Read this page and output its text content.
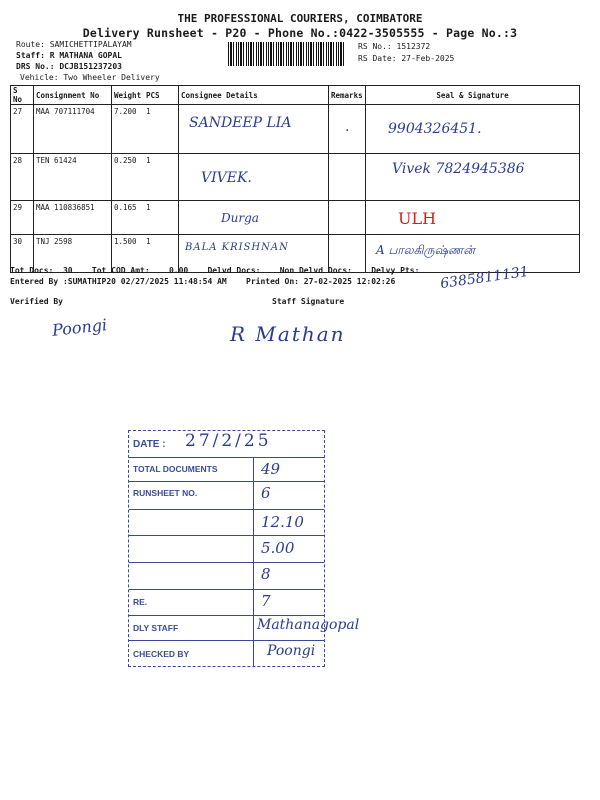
THE PROFESSIONAL COURIERS, COIMBATORE
Delivery Runsheet - P20 - Phone No.:0422-3505555 - Page No.:3
Route: SAMICHETTIPALAYAM
Staff: R MATHANA GOPAL
DRS No.: DCJB151237203
Vehicle: Two Wheeler Delivery
RS No.: 1512372
RS Date: 27-Feb-2025
S No	Consignment No	Weight	PCS	Consignee Details	Remarks	Seal & Signature
27	MAA 707111704	7.200	1	SANDEEP LIA	.	9904326451.

28	TEN 61424	0.250	1	VIVEK.		Vivek 7824945386

29	MAA 110836851	0.165	1	Durga		ULH

30	TNJ 2598	1.500	1	BALA KRISHNAN		A பாலகிருஷ்ணன்
Tot Docs:  30    Tot COD Amt:    0.00    Delvd Docs:    Non Delvd Docs:    Delvy Pts:
Entered By :SUMATHIP20 02/27/2025 11:48:54 AM    Printed On: 27-02-2025 12:02:26	6385811131
Verified By	Staff Signature
Poongi	R Mathan
DATE : 27/2/25
TOTAL DOCUMENTS	49
RUNSHEET NO.	6
12.10
5.00
8
RE.	7
DLY STAFF	Mathanagopal
CHECKED BY	Poongi
